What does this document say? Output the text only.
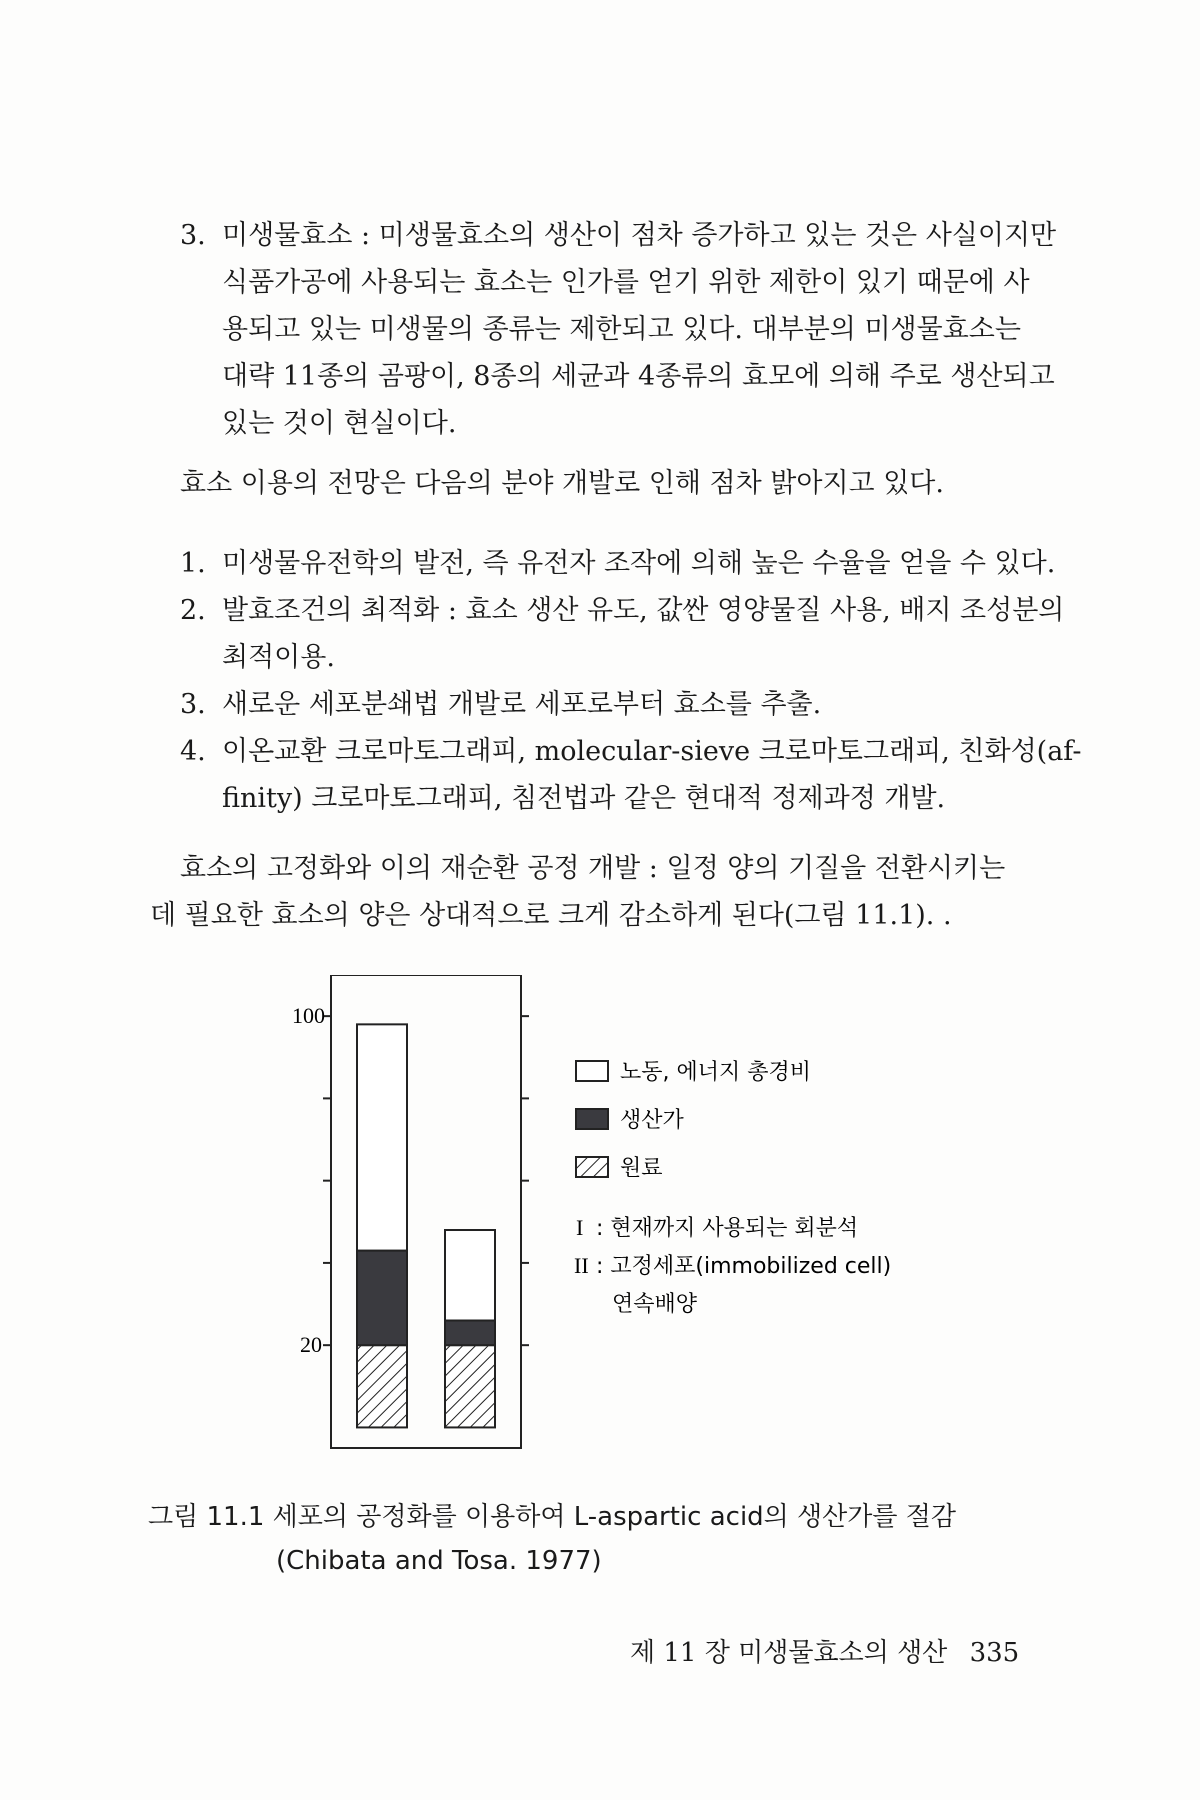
3. 미생물효소 : 미생물효소의 생산이 점차 증가하고 있는 것은 사실이지만
식품가공에 사용되는 효소는 인가를 얻기 위한 제한이 있기 때문에 사
용되고 있는 미생물의 종류는 제한되고 있다. 대부분의 미생물효소는
대략 11종의 곰팡이, 8종의 세균과 4종류의 효모에 의해 주로 생산되고
있는 것이 현실이다.
효소 이용의 전망은 다음의 분야 개발로 인해 점차 밝아지고 있다.
1. 미생물유전학의 발전, 즉 유전자 조작에 의해 높은 수율을 얻을 수 있다.
2. 발효조건의 최적화 : 효소 생산 유도, 값싼 영양물질 사용, 배지 조성분의
최적이용.
3. 새로운 세포분쇄법 개발로 세포로부터 효소를 추출.
4. 이온교환 크로마토그래피, molecular-sieve 크로마토그래피, 친화성(af-
finity) 크로마토그래피, 침전법과 같은 현대적 정제과정 개발.
효소의 고정화와 이의 재순환 공정 개발 : 일정 양의 기질을 전환시키는
데 필요한 효소의 양은 상대적으로 크게 감소하게 된다(그림 11.1). .
100
20
노동, 에너지 총경비
생산가
원료
I : 현재까지 사용되는 회분석
II : 고정세포(immobilized cell)
연속배양
그림 11.1 세포의 공정화를 이용하여 L-aspartic acid의 생산가를 절감
(Chibata and Tosa. 1977)
제 11 장 미생물효소의 생산 335
